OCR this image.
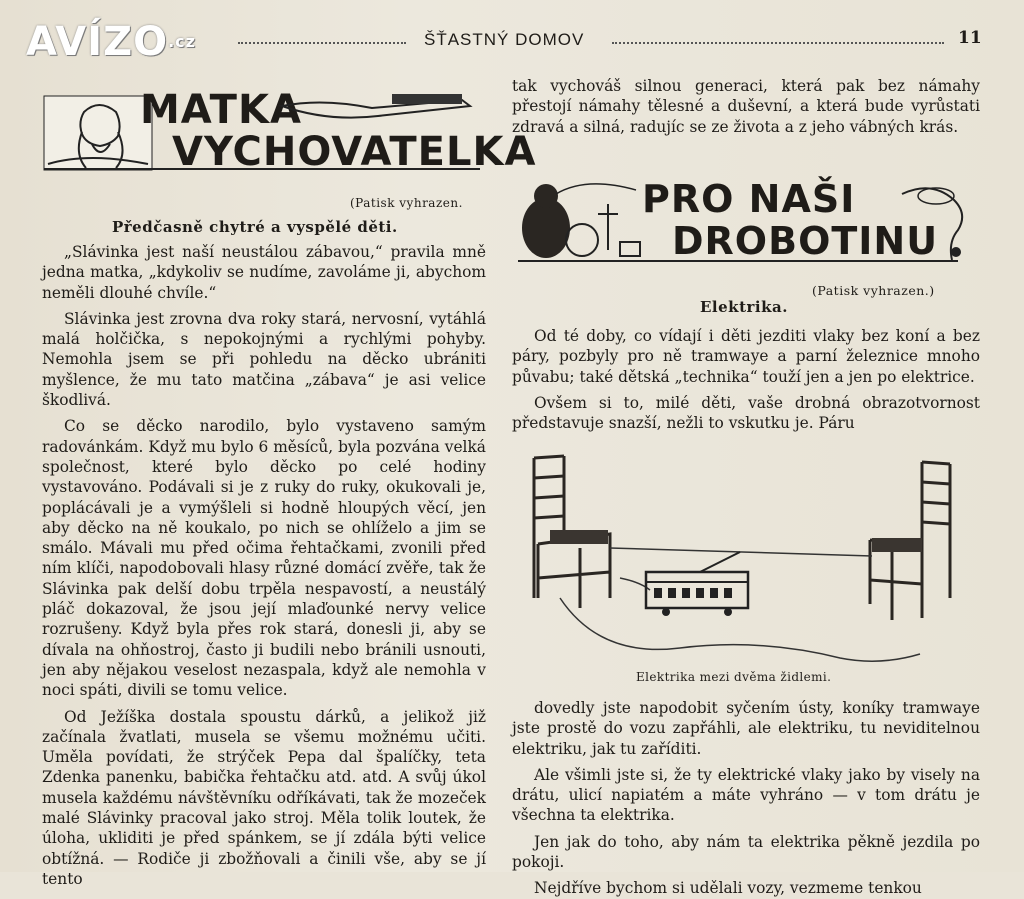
AVÍZO.cz	ŠŤASTNÝ DOMOV	11
MATKA
VYCHOVATELKA
(Patisk vyhrazen.
Předčasně chytré a vyspělé děti.

„Slávinka jest naší neustálou zábavou,“ pravila mně jedna matka, „kdykoliv se nudíme, zavoláme ji, abychom neměli dlouhé chvíle.“

Slávinka jest zrovna dva roky stará, nervosní, vytáhlá malá holčička, s nepokojnými a rychlými pohyby. Nemohla jsem se při pohledu na děcko ubrániti myšlence, že mu tato matčina „zábava“ je asi velice škodlivá.

Co se děcko narodilo, bylo vystaveno samým radovánkám. Když mu bylo 6 měsíců, byla pozvána velká společnost, které bylo děcko po celé hodiny vystavováno. Podávali si je z ruky do ruky, okukovali je, poplácávali je a vymýšleli si hodně hloupých věcí, jen aby děcko na ně koukalo, po nich se ohlíželo a jim se smálo. Mávali mu před očima řehtačkami, zvonili před ním klíči, napodobovali hlasy různé domácí zvěře, tak že Slávinka pak delší dobu trpěla nespavostí, a neustálý pláč dokazoval, že jsou její mlaďounké nervy velice rozrušeny. Když byla přes rok stará, donesli ji, aby se dívala na ohňostroj, často ji budili nebo bránili usnouti, jen aby nějakou veselost nezaspala, když ale nemohla v noci spáti, divili se tomu velice.

Od Ježíška dostala spoustu dárků, a jelikož již začínala žvatlati, musela se všemu možnému učiti. Uměla povídati, že strýček Pepa dal špalíčky, teta Zdenka panenku, babička řehtačku atd. atd. A svůj úkol musela každému návštěvníku odříkávati, tak že mozeček malé Slávinky pracoval jako stroj. Měla tolik loutek, že úloha, ukliditi je před spánkem, se jí zdála býti velice obtížná. — Rodiče ji zbožňovali a činili vše, aby se jí tento

tak vychováš silnou generaci, která pak bez námahy přestojí námahy tělesné a duševní, a která bude vyrůstati zdravá a silná, radujíc se ze života a z jeho vábných krás.

PRO NAŠI
DROBOTINU
(Patisk vyhrazen.)
Elektrika.

Od té doby, co vídají i děti jezditi vlaky bez koní a bez páry, pozbyly pro ně tramwaye a parní železnice mnoho půvabu; také dětská „technika“ touží jen a jen po elektrice.

Ovšem si to, milé děti, vaše drobná obrazotvornost představuje snazší, nežli to vskutku je. Páru

Elektrika mezi dvěma židlemi.

dovedly jste napodobit syčením ústy, koníky tramwaye jste prostě do vozu zapřáhli, ale elektriku, tu neviditelnou elektriku, jak tu zaříditi.

Ale všimli jste si, že ty elektrické vlaky jako by visely na drátu, ulicí napiatém a máte vyhráno — v tom drátu je všechna ta elektrika.

Jen jak do toho, aby nám ta elektrika pěkně jezdila po pokoji.

Nejdříve bychom si udělali vozy, vezmeme tenkou
